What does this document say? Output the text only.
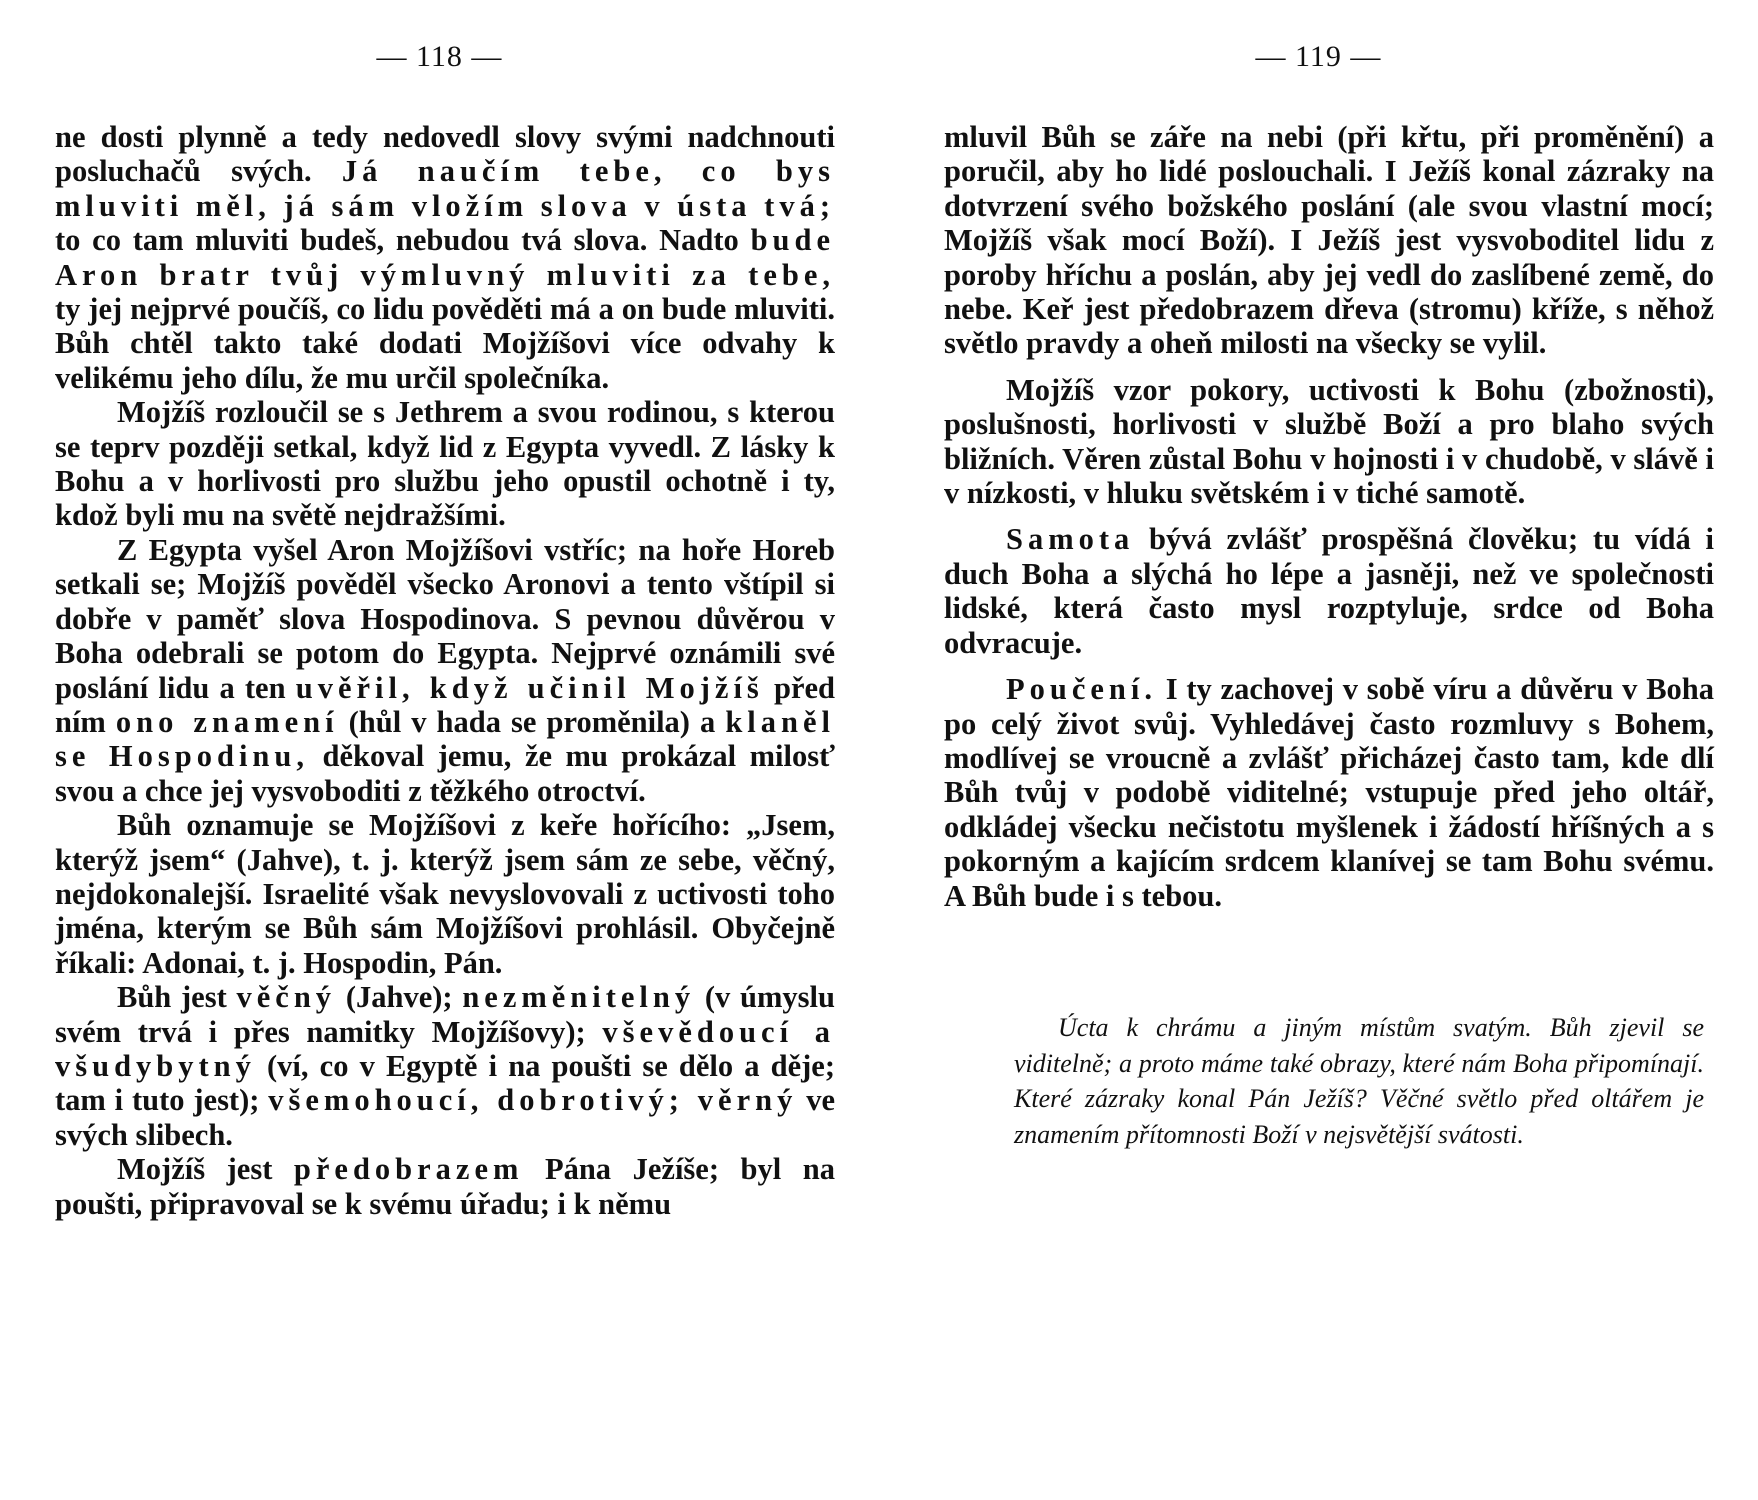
— 118 —

ne dosti plynně a tedy nedovedl slovy svými nadchnouti posluchačů svých. Já naučím tebe, co bys mluviti měl, já sám vložím slova v ústa tvá; to co tam mluviti budeš, nebudou tvá slova. Nadto bude Aron bratr tvůj výmluvný mluviti za tebe, ty jej nejprvé poučíš, co lidu pověděti má a on bude mluviti. Bůh chtěl takto také dodati Mojžíšovi více odvahy k velikému jeho dílu, že mu určil společníka.

Mojžíš rozloučil se s Jethrem a svou rodinou, s kterou se teprv později setkal, když lid z Egypta vyvedl. Z lásky k Bohu a v horlivosti pro službu jeho opustil ochotně i ty, kdož byli mu na světě nejdražšími.

Z Egypta vyšel Aron Mojžíšovi vstříc; na hoře Horeb setkali se; Mojžíš pověděl všecko Aronovi a tento vštípil si dobře v paměť slova Hospodinova. S pevnou důvěrou v Boha odebrali se potom do Egypta. Nejprvé oznámili své poslání lidu a ten uvěřil, když učinil Mojžíš před ním ono znamení (hůl v hada se proměnila) a klaněl se Hospodinu, děkoval jemu, že mu prokázal milosť svou a chce jej vysvoboditi z těžkého otroctví.

Bůh oznamuje se Mojžíšovi z keře hořícího: „Jsem, kterýž jsem“ (Jahve), t. j. kterýž jsem sám ze sebe, věčný, nejdokonalejší. Israelité však nevyslovovali z uctivosti toho jména, kterým se Bůh sám Mojžíšovi prohlásil. Obyčejně říkali: Adonai, t. j. Hospodin, Pán.

Bůh jest věčný (Jahve); nezměnitelný (v úmyslu svém trvá i přes namitky Mojžíšovy); vševědoucí a všudybytný (ví, co v Egyptě i na poušti se dělo a děje; tam i tuto jest); všemohoucí, dobrotivý; věrný ve svých slibech.

Mojžíš jest předobrazem Pána Ježíše; byl na poušti, připravoval se k svému úřadu; i k němu

— 119 —

mluvil Bůh se záře na nebi (při křtu, při proměnění) a poručil, aby ho lidé poslouchali. I Ježíš konal zázraky na dotvrzení svého božského poslání (ale svou vlastní mocí; Mojžíš však mocí Boží). I Ježíš jest vysvoboditel lidu z poroby hříchu a poslán, aby jej vedl do zaslíbené země, do nebe. Keř jest předobrazem dřeva (stromu) kříže, s něhož světlo pravdy a oheň milosti na všecky se vylil.

Mojžíš vzor pokory, uctivosti k Bohu (zbožnosti), poslušnosti, horlivosti v službě Boží a pro blaho svých bližních. Věren zůstal Bohu v hojnosti i v chudobě, v slávě i v nízkosti, v hluku světském i v tiché samotě.

Samota bývá zvlášť prospěšná člověku; tu vídá i duch Boha a slýchá ho lépe a jasněji, než ve společnosti lidské, která často mysl rozptyluje, srdce od Boha odvracuje.

Poučení. I ty zachovej v sobě víru a důvěru v Boha po celý život svůj. Vyhledávej často rozmluvy s Bohem, modlívej se vroucně a zvlášť přicházej často tam, kde dlí Bůh tvůj v podobě viditelné; vstupuje před jeho oltář, odkládej všecku nečistotu myšlenek i žádostí hříšných a s pokorným a kajícím srdcem klanívej se tam Bohu svému. A Bůh bude i s tebou.

Úcta k chrámu a jiným místům svatým. Bůh zjevil se viditelně; a proto máme také obrazy, které nám Boha připomínají. Které zázraky konal Pán Ježíš? Věčné světlo před oltářem je znamením přítomnosti Boží v nejsvětější svátosti.
